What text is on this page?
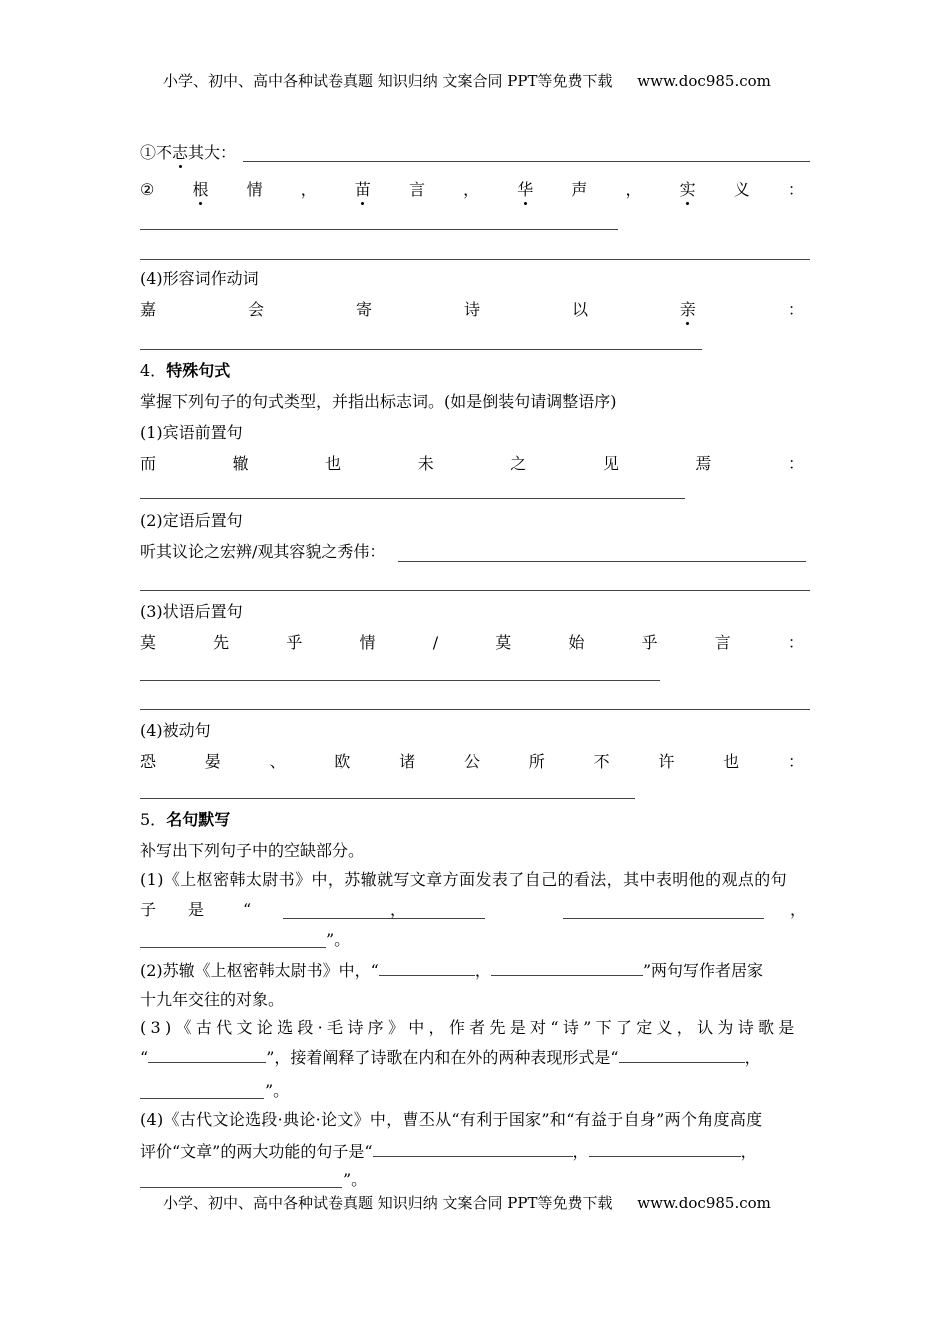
小学、初中、高中各种试卷真题 知识归纳 文案合同 PPT等免费下载 www.doc985.com
①不志其大：
② 根 情 ， 苗 言 ， 华 声 ， 实 义 ：
(4)形容词作动词
嘉	会	寄	诗	以	亲	：
4．特殊句式
掌握下列句子的句式类型，并指出标志词。(如是倒装句请调整语序)
(1)宾语前置句
而	辙	也	未	之	见	焉	：
(2)定语后置句
听其议论之宏辨/观其容貌之秀伟：
(3)状语后置句
莫	先	乎	情	/	莫	始	乎	言	：
(4)被动句
恐	晏	、	欧	诸	公	所	不	许	也	：
5．名句默写
补写出下列句子中的空缺部分。
(1)《上枢密韩太尉书》中，苏辙就写文章方面发表了自己的看法，其中表明他的观点的句
子 是 “	，	，
”。
(2)苏辙《上枢密韩太尉书》中，“	，	”两句写作者居家
十九年交往的对象。
(3)《古代文论选段·毛诗序》中，作者先是对“诗”下了定义，认为诗歌是
“	”，接着阐释了诗歌在内和在外的两种表现形式是“	，
”。
(4)《古代文论选段·典论·论文》中，曹丕从“有利于国家”和“有益于自身”两个角度高度
评价“文章”的两大功能的句子是“	，	，
”。
小学、初中、高中各种试卷真题 知识归纳 文案合同 PPT等免费下载 www.doc985.com
